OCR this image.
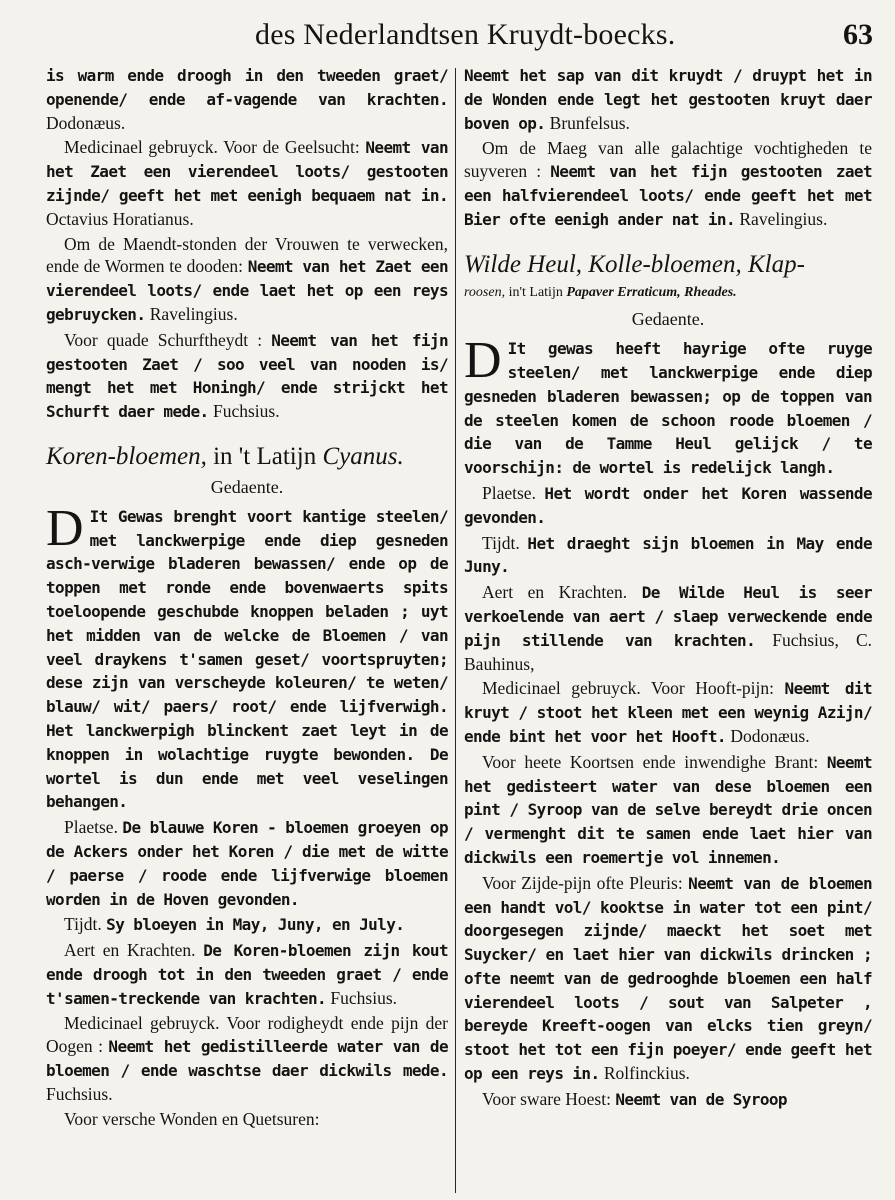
des Nederlandtsen Kruydt-boecks.	63

is warm ende droogh in den tweeden graet/ openende/ ende af-vagende van krachten. Dodonæus.

Medicinael gebruyck. Voor de Geelsucht: Neemt van het Zaet een vierendeel loots/ gestooten zijnde/ geeft het met eenigh bequaem nat in. Octavius Horatianus.

Om de Maendt-stonden der Vrouwen te verwecken, ende de Wormen te dooden: Neemt van het Zaet een vierendeel loots/ ende laet het op een reys gebruycken. Ravelingius.

Voor quade Schurftheydt : Neemt van het fijn gestooten Zaet / soo veel van nooden is/ mengt het met Honingh/ ende strijckt het Schurft daer mede. Fuchsius.

Koren-bloemen, in 't Latijn Cyanus.
Gedaente.

D It Gewas brenght voort kantige steelen/ met lanckwerpige ende diep gesneden asch-verwige bladeren bewassen/ ende op de toppen met ronde ende bovenwaerts spits toeloopende geschubde knoppen beladen ; uyt het midden van de welcke de Bloemen / van veel draykens t'samen geset/ voortspruyten; dese zijn van verscheyde koleuren/ te weten/ blauw/ wit/ paers/ root/ ende lijfverwigh. Het lanckwerpigh blinckent zaet leyt in de knoppen in wolachtige ruygte bewonden. De wortel is dun ende met veel veselingen behangen.

Plaetse. De blauwe Koren - bloemen groeyen op de Ackers onder het Koren / die met de witte / paerse / roode ende lijfverwige bloemen worden in de Hoven gevonden.

Tijdt. Sy bloeyen in May, Juny, en July.

Aert en Krachten. De Koren-bloemen zijn kout ende droogh tot in den tweeden graet / ende t'samen-treckende van krachten. Fuchsius.

Medicinael gebruyck. Voor rodigheydt ende pijn der Oogen : Neemt het gedistilleerde water van de bloemen / ende waschtse daer dickwils mede. Fuchsius.

Voor versche Wonden en Quetsuren:

Neemt het sap van dit kruydt / druypt het in de Wonden ende legt het gestooten kruyt daer boven op. Brunfelsus.

Om de Maeg van alle galachtige vochtigheden te suyveren : Neemt van het fijn gestooten zaet een halfvierendeel loots/ ende geeft het met Bier ofte eenigh ander nat in. Ravelingius.

Wilde Heul, Kolle-bloemen, Klap-
roosen, in't Latijn Papaver Erraticum, Rheades.
Gedaente.

D It gewas heeft hayrige ofte ruyge steelen/ met lanckwerpige ende diep gesneden bladeren bewassen; op de toppen van de steelen komen de schoon roode bloemen / die van de Tamme Heul gelijck / te voorschijn: de wortel is redelijck langh.

Plaetse. Het wordt onder het Koren wassende gevonden.

Tijdt. Het draeght sijn bloemen in May ende Juny.

Aert en Krachten. De Wilde Heul is seer verkoelende van aert / slaep verweckende ende pijn stillende van krachten. Fuchsius, C. Bauhinus,

Medicinael gebruyck. Voor Hooft-pijn: Neemt dit kruyt / stoot het kleen met een weynig Azijn/ ende bint het voor het Hooft. Dodonæus.

Voor heete Koortsen ende inwendighe Brant: Neemt het gedisteert water van dese bloemen een pint / Syroop van de selve bereydt drie oncen / vermenght dit te samen ende laet hier van dickwils een roemertje vol innemen.

Voor Zijde-pijn ofte Pleuris: Neemt van de bloemen een handt vol/ kooktse in water tot een pint/ doorgesegen zijnde/ maeckt het soet met Suycker/ en laet hier van dickwils drincken ; ofte neemt van de gedrooghde bloemen een half vierendeel loots / sout van Salpeter , bereyde Kreeft-oogen van elcks tien greyn/ stoot het tot een fijn poeyer/ ende geeft het op een reys in. Rolfinckius.

Voor sware Hoest: Neemt van de Syroop
